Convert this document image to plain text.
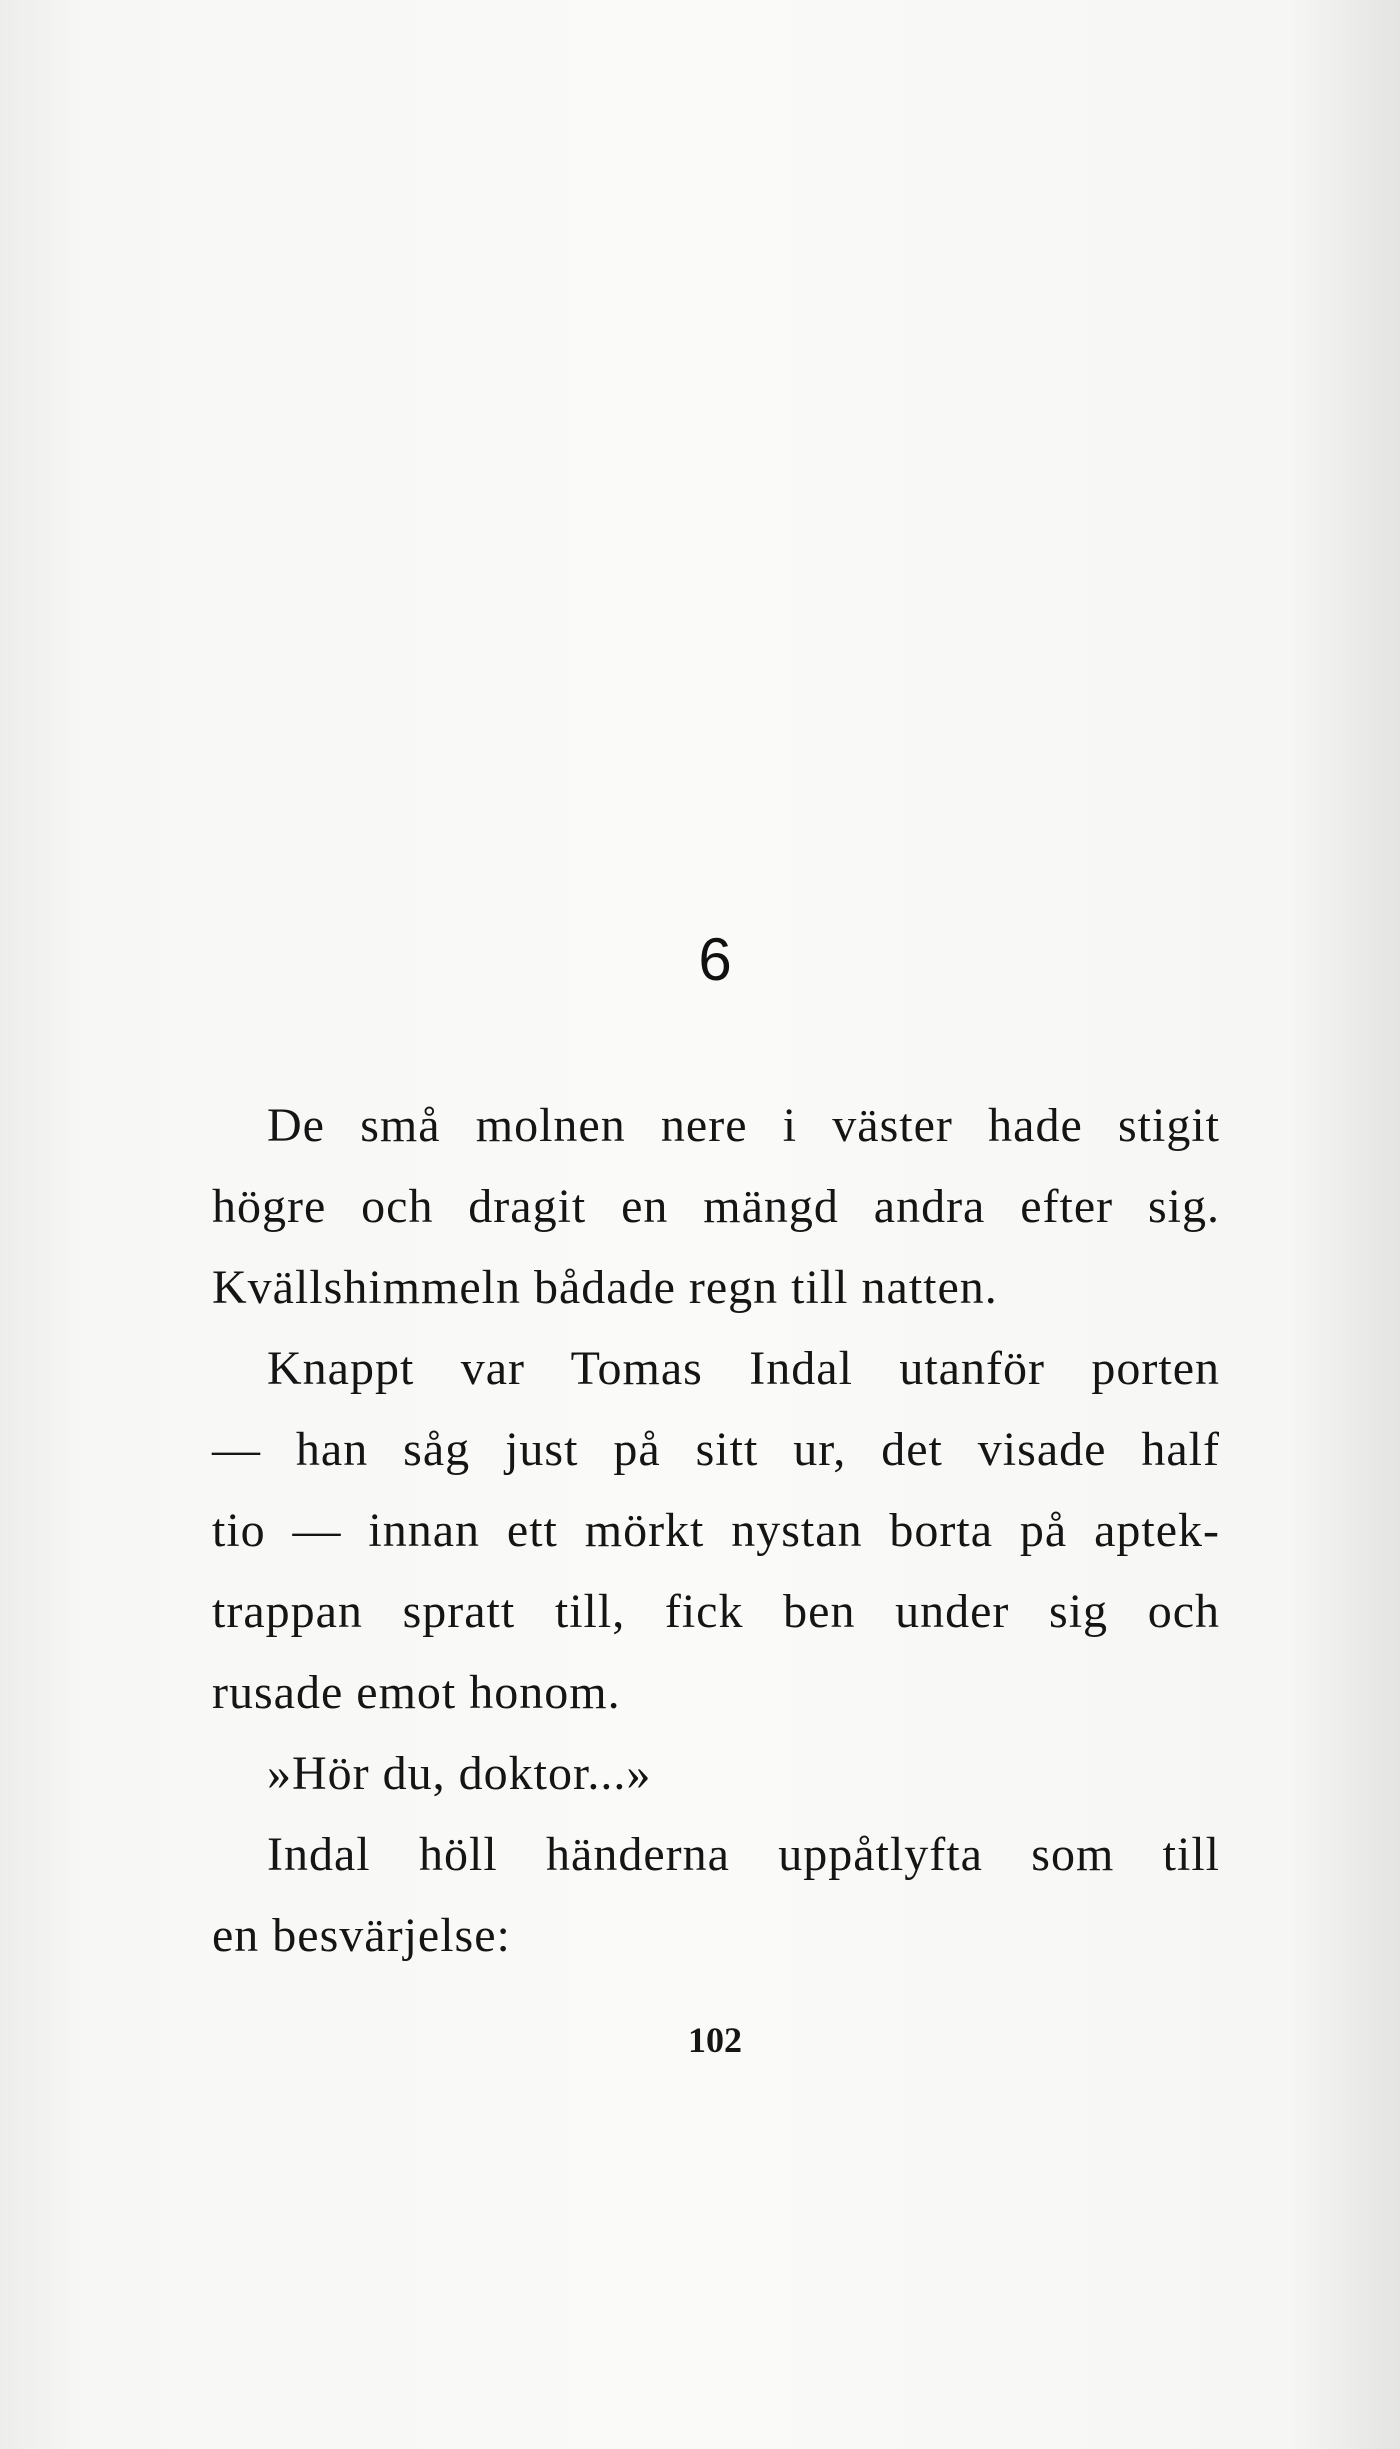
6
De små molnen nere i väster hade stigit
högre och dragit en mängd andra efter sig.
Kvällshimmeln bådade regn till natten.
Knappt var Tomas Indal utanför porten
— han såg just på sitt ur, det visade half
tio — innan ett mörkt nystan borta på aptek-
trappan spratt till, fick ben under sig och
rusade emot honom.
»Hör du, doktor...»
Indal höll händerna uppåtlyfta som till
en besvärjelse:
102
